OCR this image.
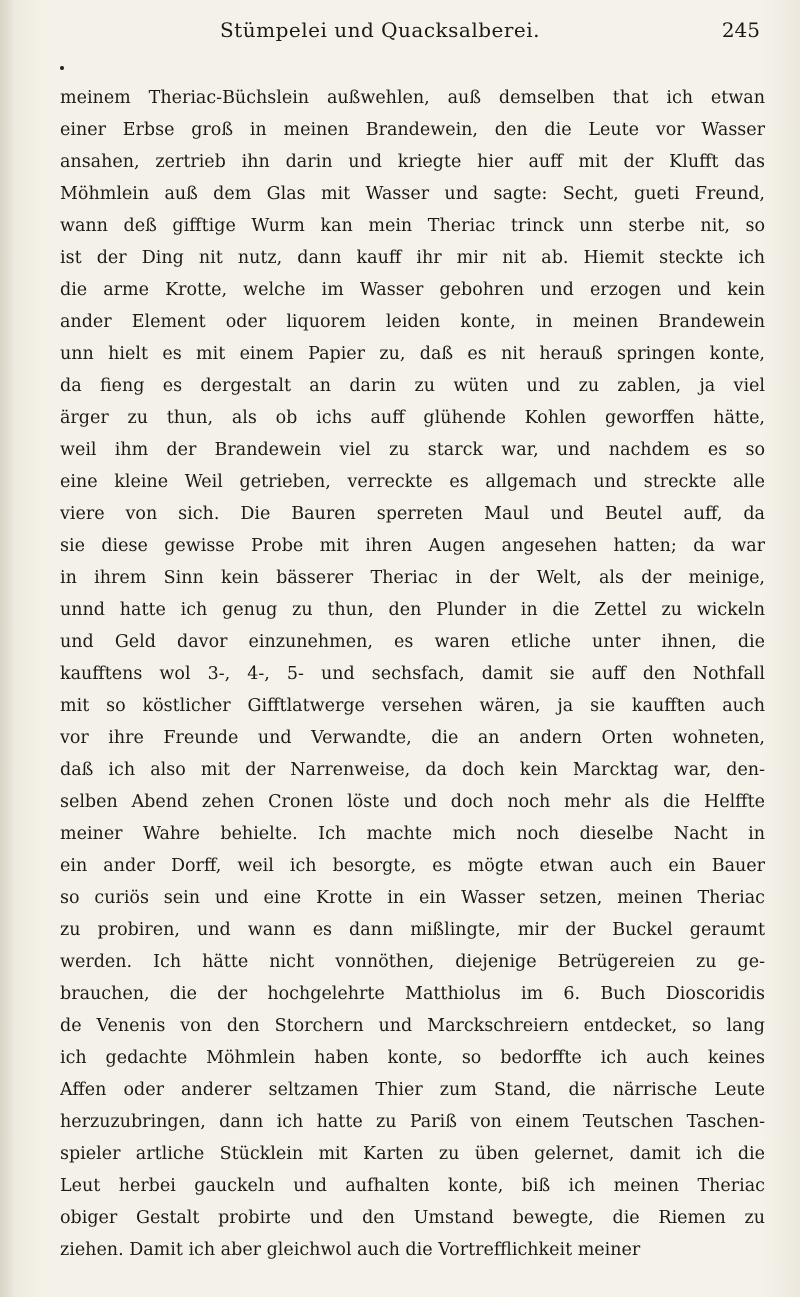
Stümpelei und Quacksalberei.	245
meinem Theriac-Büchslein außwehlen, auß demselben that ich etwan
einer Erbse groß in meinen Brandewein, den die Leute vor Wasser
ansahen, zertrieb ihn darin und kriegte hier auff mit der Klufft das
Möhmlein auß dem Glas mit Wasser und sagte: Secht, gueti Freund,
wann deß gifftige Wurm kan mein Theriac trinck unn sterbe nit, so
ist der Ding nit nutz, dann kauff ihr mir nit ab. Hiemit steckte ich
die arme Krotte, welche im Wasser gebohren und erzogen und kein
ander Element oder liquorem leiden konte, in meinen Brandewein
unn hielt es mit einem Papier zu, daß es nit herauß springen konte,
da fieng es dergestalt an darin zu wüten und zu zablen, ja viel
ärger zu thun, als ob ichs auff glühende Kohlen geworffen hätte,
weil ihm der Brandewein viel zu starck war, und nachdem es so
eine kleine Weil getrieben, verreckte es allgemach und streckte alle
viere von sich. Die Bauren sperreten Maul und Beutel auff, da
sie diese gewisse Probe mit ihren Augen angesehen hatten; da war
in ihrem Sinn kein bässerer Theriac in der Welt, als der meinige,
unnd hatte ich genug zu thun, den Plunder in die Zettel zu wickeln
und Geld davor einzunehmen, es waren etliche unter ihnen, die
kaufftens wol 3-, 4-, 5- und sechsfach, damit sie auff den Nothfall
mit so köstlicher Gifftlatwerge versehen wären, ja sie kaufften auch
vor ihre Freunde und Verwandte, die an andern Orten wohneten,
daß ich also mit der Narrenweise, da doch kein Marcktag war, den-
selben Abend zehen Cronen löste und doch noch mehr als die Helffte
meiner Wahre behielte. Ich machte mich noch dieselbe Nacht in
ein ander Dorff, weil ich besorgte, es mögte etwan auch ein Bauer
so curiös sein und eine Krotte in ein Wasser setzen, meinen Theriac
zu probiren, und wann es dann mißlingte, mir der Buckel geraumt
werden. Ich hätte nicht vonnöthen, diejenige Betrügereien zu ge-
brauchen, die der hochgelehrte Matthiolus im 6. Buch Dioscoridis
de Venenis von den Storchern und Marckschreiern entdecket, so lang
ich gedachte Möhmlein haben konte, so bedorffte ich auch keines
Affen oder anderer seltzamen Thier zum Stand, die närrische Leute
herzuzubringen, dann ich hatte zu Pariß von einem Teutschen Taschen-
spieler artliche Stücklein mit Karten zu üben gelernet, damit ich die
Leut herbei gauckeln und aufhalten konte, biß ich meinen Theriac
obiger Gestalt probirte und den Umstand bewegte, die Riemen zu
ziehen. Damit ich aber gleichwol auch die Vortrefflichkeit meiner
